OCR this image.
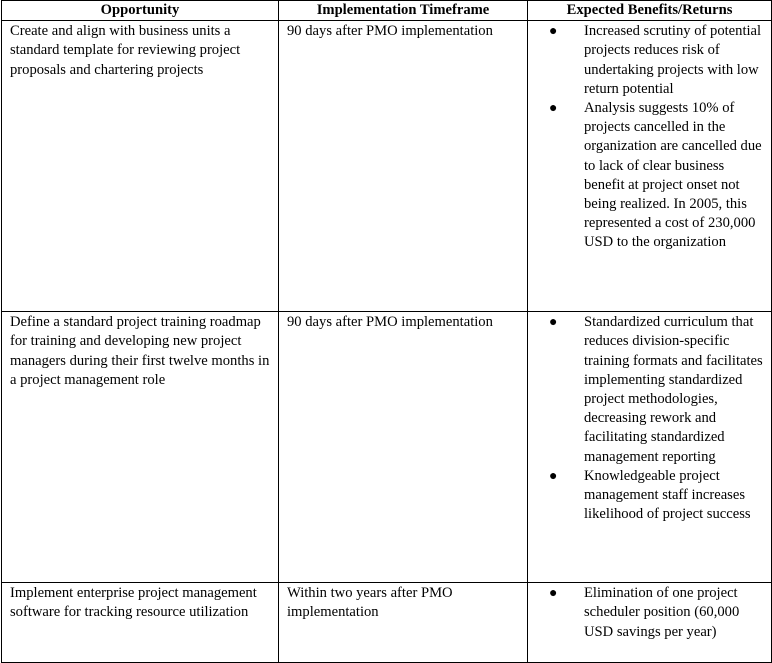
Opportunity	Implementation Timeframe	Expected Benefits/Returns
Create and align with business units a standard template for reviewing project proposals and chartering projects	90 days after PMO implementation	● Increased scrutiny of potential projects reduces risk of undertaking projects with low return potential
● Analysis suggests 10% of projects cancelled in the organization are cancelled due to lack of clear business benefit at project onset not being realized. In 2005, this represented a cost of 230,000 USD to the organization

Define a standard project training roadmap for training and developing new project managers during their first twelve months in a project management role	90 days after PMO implementation	● Standardized curriculum that reduces division-specific training formats and facilitates implementing standardized project methodologies, decreasing rework and facilitating standardized management reporting
● Knowledgeable project management staff increases likelihood of project success

Implement enterprise project management software for tracking resource utilization	Within two years after PMO implementation	● Elimination of one project scheduler position (60,000 USD savings per year)
